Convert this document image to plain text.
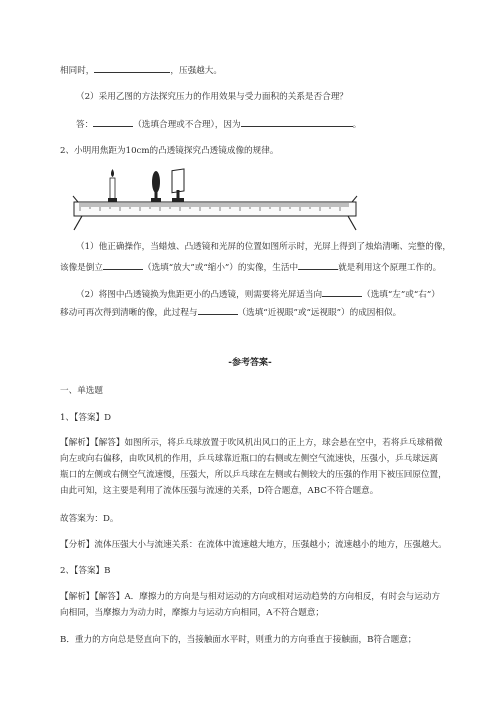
相同时，	，压强越大。
（2）采用乙图的方法探究压力的作用效果与受力面积的关系是否合理？
答：	（选填合理或不合理），因为	。
2、小明用焦距为10cm的凸透镜探究凸透镜成像的规律。
（1）他正确操作，当蜡烛、凸透镜和光屏的位置如图所示时，光屏上得到了烛焰清晰、完整的像，
该像是倒立	（选填“放大”或“缩小”）的实像，生活中	就是利用这个原理工作的。
（2）将图中凸透镜换为焦距更小的凸透镜，则需要将光屏适当向	（选填“左”或“右”）
移动可再次得到清晰的像，此过程与	（选填“近视眼”或“远视眼”）的成因相似。
-参考答案-
一、单选题
1、【答案】D
【解析】【解答】如图所示，将乒乓球放置于吹风机出风口的正上方，球会悬在空中，若将乒乓球稍微
向左或向右偏移，由吹风机的作用，乒乓球靠近瓶口的右侧或左侧空气流速快，压强小，乒乓球远离
瓶口的左侧或右侧空气流速慢，压强大，所以乒乓球在左侧或右侧较大的压强的作用下被压回原位置，
由此可知，这主要是利用了流体压强与流速的关系，D符合题意，ABC不符合题意。
故答案为：D。
【分析】流体压强大小与流速关系：在流体中流速越大地方，压强越小；流速越小的地方，压强越大。
2、【答案】B
【解析】【解答】A．摩擦力的方向是与相对运动的方向或相对运动趋势的方向相反，有时会与运动方
向相同，当摩擦力为动力时，摩擦力与运动方向相同，A不符合题意；
B．重力的方向总是竖直向下的，当接触面水平时，则重力的方向垂直于接触面，B符合题意；
